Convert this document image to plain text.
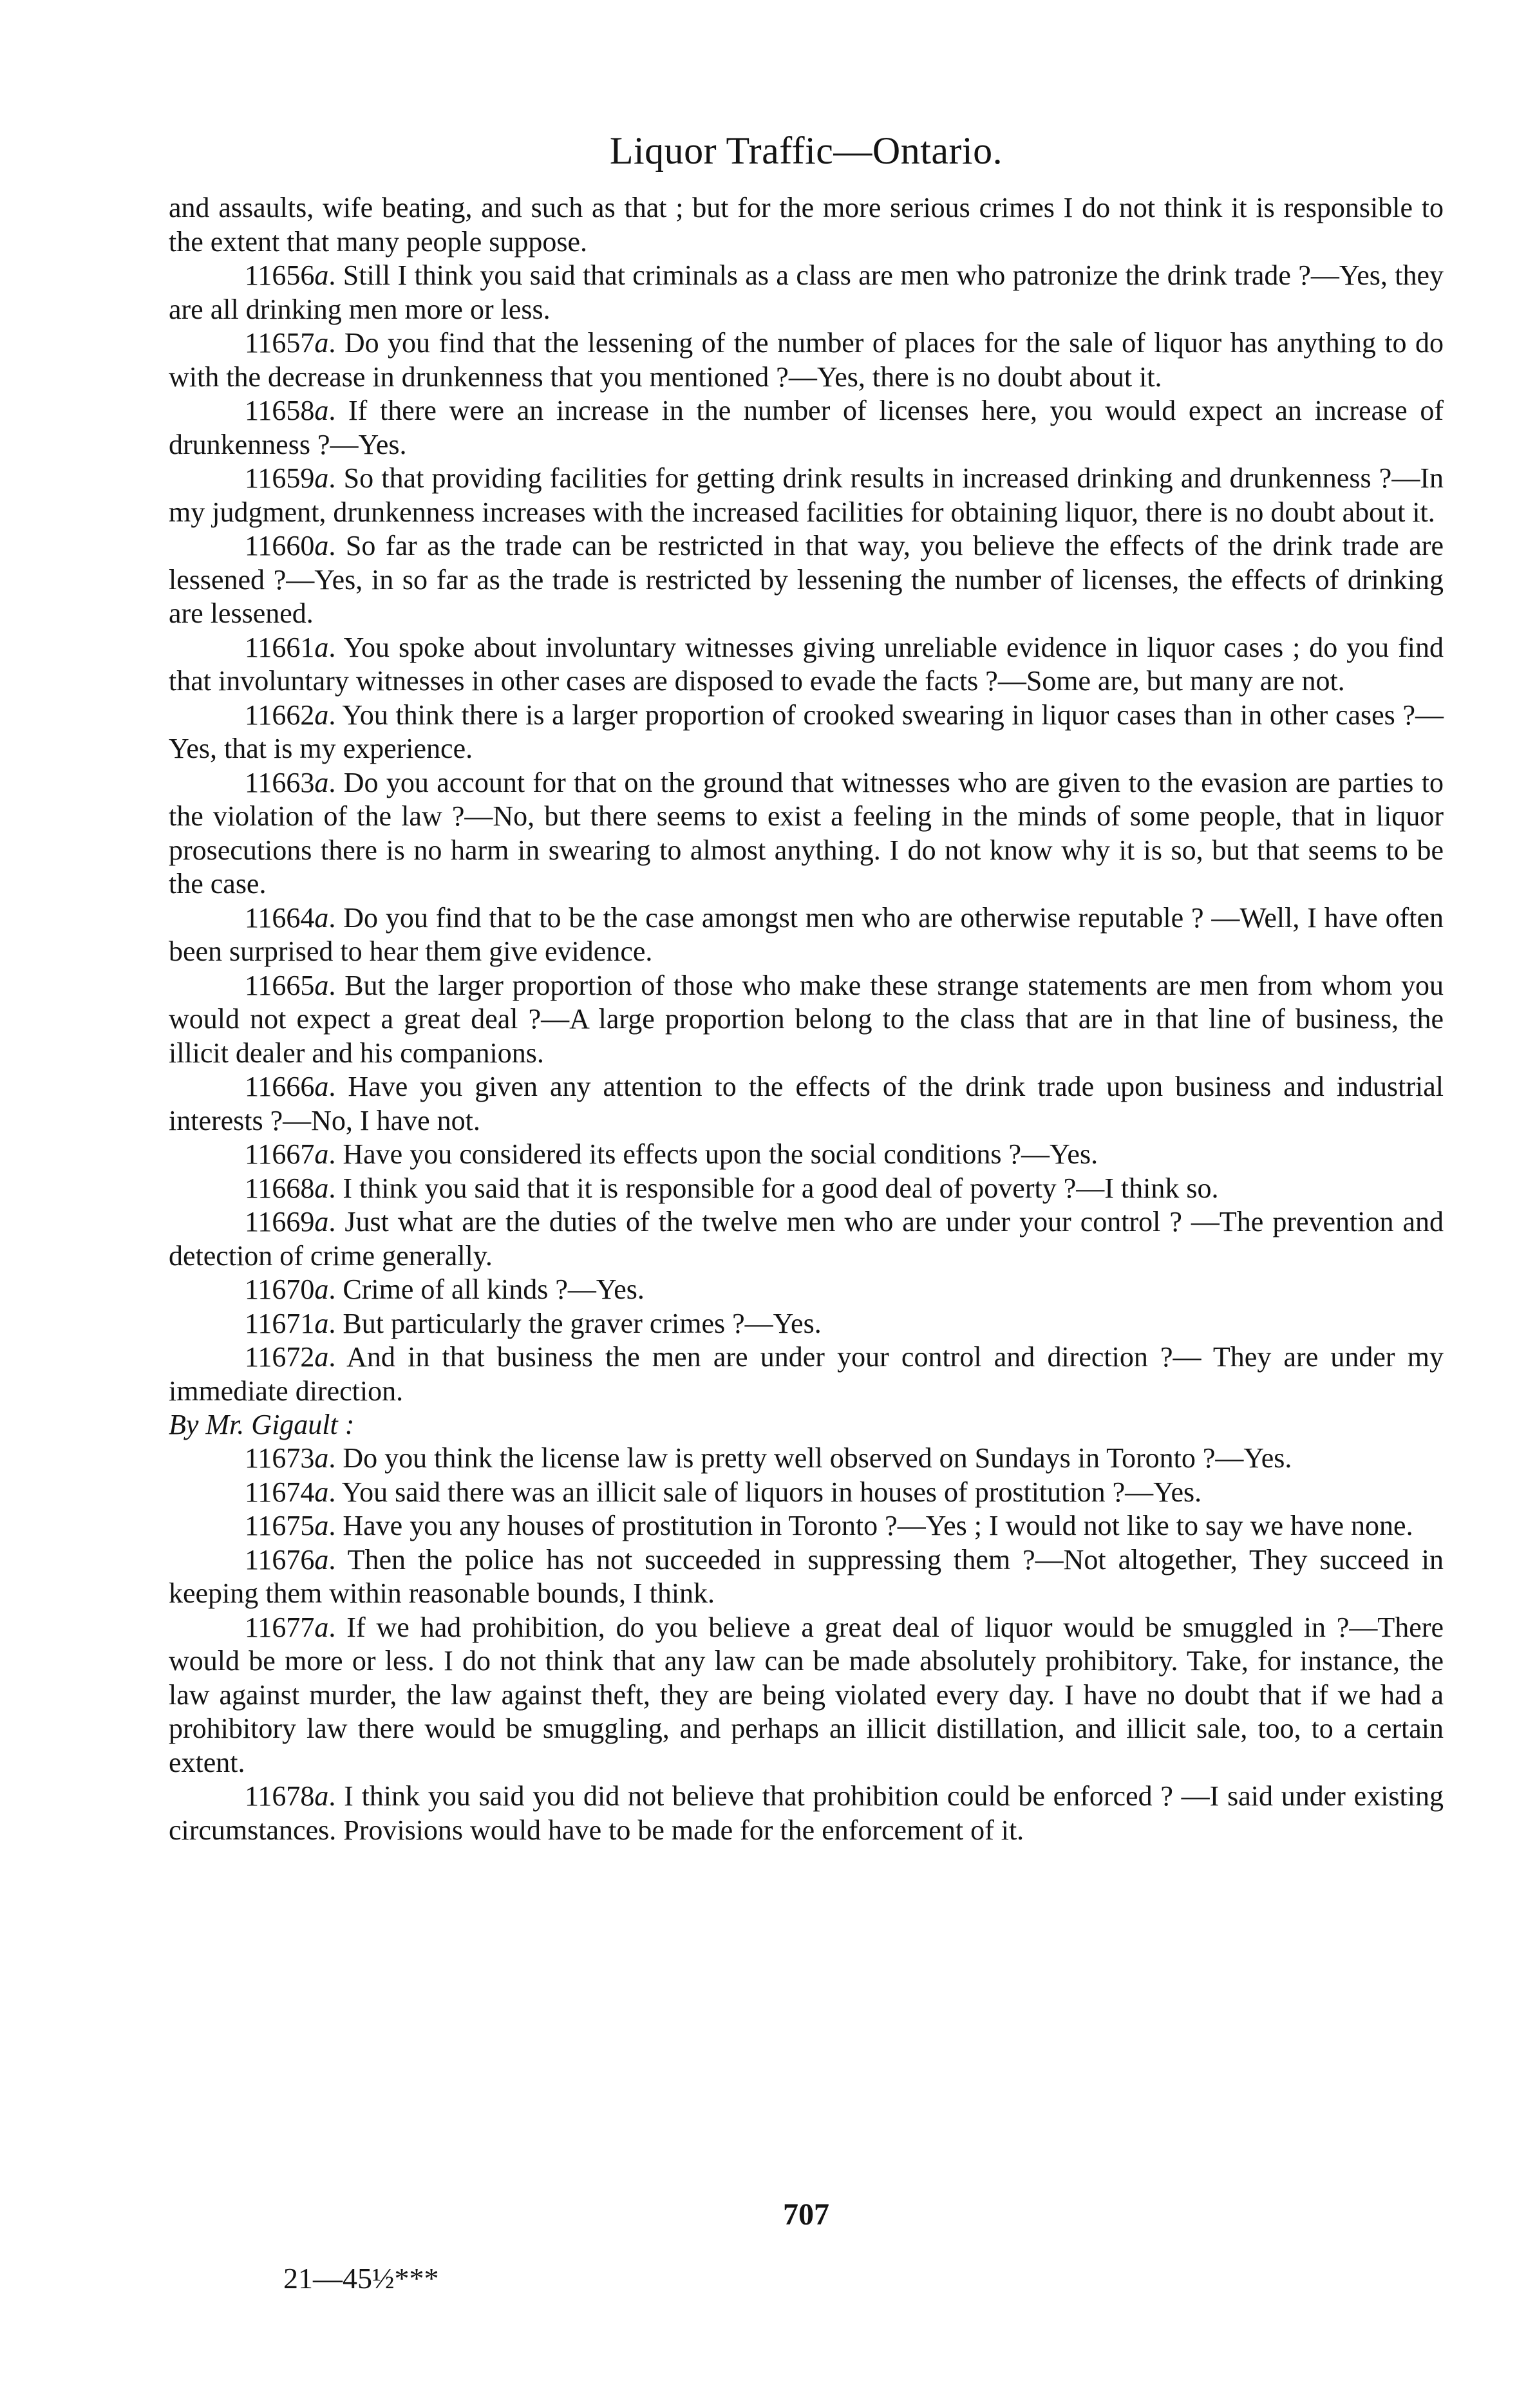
Liquor Traffic—Ontario.

and assaults, wife beating, and such as that ; but for the more serious crimes I do not think it is responsible to the extent that many people suppose.

11656a. Still I think you said that criminals as a class are men who patronize the drink trade ?—Yes, they are all drinking men more or less.

11657a. Do you find that the lessening of the number of places for the sale of liquor has anything to do with the decrease in drunkenness that you mentioned ?—Yes, there is no doubt about it.

11658a. If there were an increase in the number of licenses here, you would expect an increase of drunkenness ?—Yes.

11659a. So that providing facilities for getting drink results in increased drinking and drunkenness ?—In my judgment, drunkenness increases with the increased facilities for obtaining liquor, there is no doubt about it.

11660a. So far as the trade can be restricted in that way, you believe the effects of the drink trade are lessened ?—Yes, in so far as the trade is restricted by lessening the number of licenses, the effects of drinking are lessened.

11661a. You spoke about involuntary witnesses giving unreliable evidence in liquor cases ; do you find that involuntary witnesses in other cases are disposed to evade the facts ?—Some are, but many are not.

11662a. You think there is a larger proportion of crooked swearing in liquor cases than in other cases ?—Yes, that is my experience.

11663a. Do you account for that on the ground that witnesses who are given to the evasion are parties to the violation of the law ?—No, but there seems to exist a feeling in the minds of some people, that in liquor prosecutions there is no harm in swearing to almost anything. I do not know why it is so, but that seems to be the case.

11664a. Do you find that to be the case amongst men who are otherwise reputable ? —Well, I have often been surprised to hear them give evidence.

11665a. But the larger proportion of those who make these strange statements are men from whom you would not expect a great deal ?—A large proportion belong to the class that are in that line of business, the illicit dealer and his companions.

11666a. Have you given any attention to the effects of the drink trade upon business and industrial interests ?—No, I have not.

11667a. Have you considered its effects upon the social conditions ?—Yes.

11668a. I think you said that it is responsible for a good deal of poverty ?—I think so.

11669a. Just what are the duties of the twelve men who are under your control ? —The prevention and detection of crime generally.

11670a. Crime of all kinds ?—Yes.

11671a. But particularly the graver crimes ?—Yes.

11672a. And in that business the men are under your control and direction ?— They are under my immediate direction.

By Mr. Gigault :

11673a. Do you think the license law is pretty well observed on Sundays in Toronto ?—Yes.

11674a. You said there was an illicit sale of liquors in houses of prostitution ?—Yes.

11675a. Have you any houses of prostitution in Toronto ?—Yes ; I would not like to say we have none.

11676a. Then the police has not succeeded in suppressing them ?—Not altogether, They succeed in keeping them within reasonable bounds, I think.

11677a. If we had prohibition, do you believe a great deal of liquor would be smuggled in ?—There would be more or less. I do not think that any law can be made absolutely prohibitory. Take, for instance, the law against murder, the law against theft, they are being violated every day. I have no doubt that if we had a prohibitory law there would be smuggling, and perhaps an illicit distillation, and illicit sale, too, to a certain extent.

11678a. I think you said you did not believe that prohibition could be enforced ? —I said under existing circumstances. Provisions would have to be made for the enforcement of it.

707
21—45½***
